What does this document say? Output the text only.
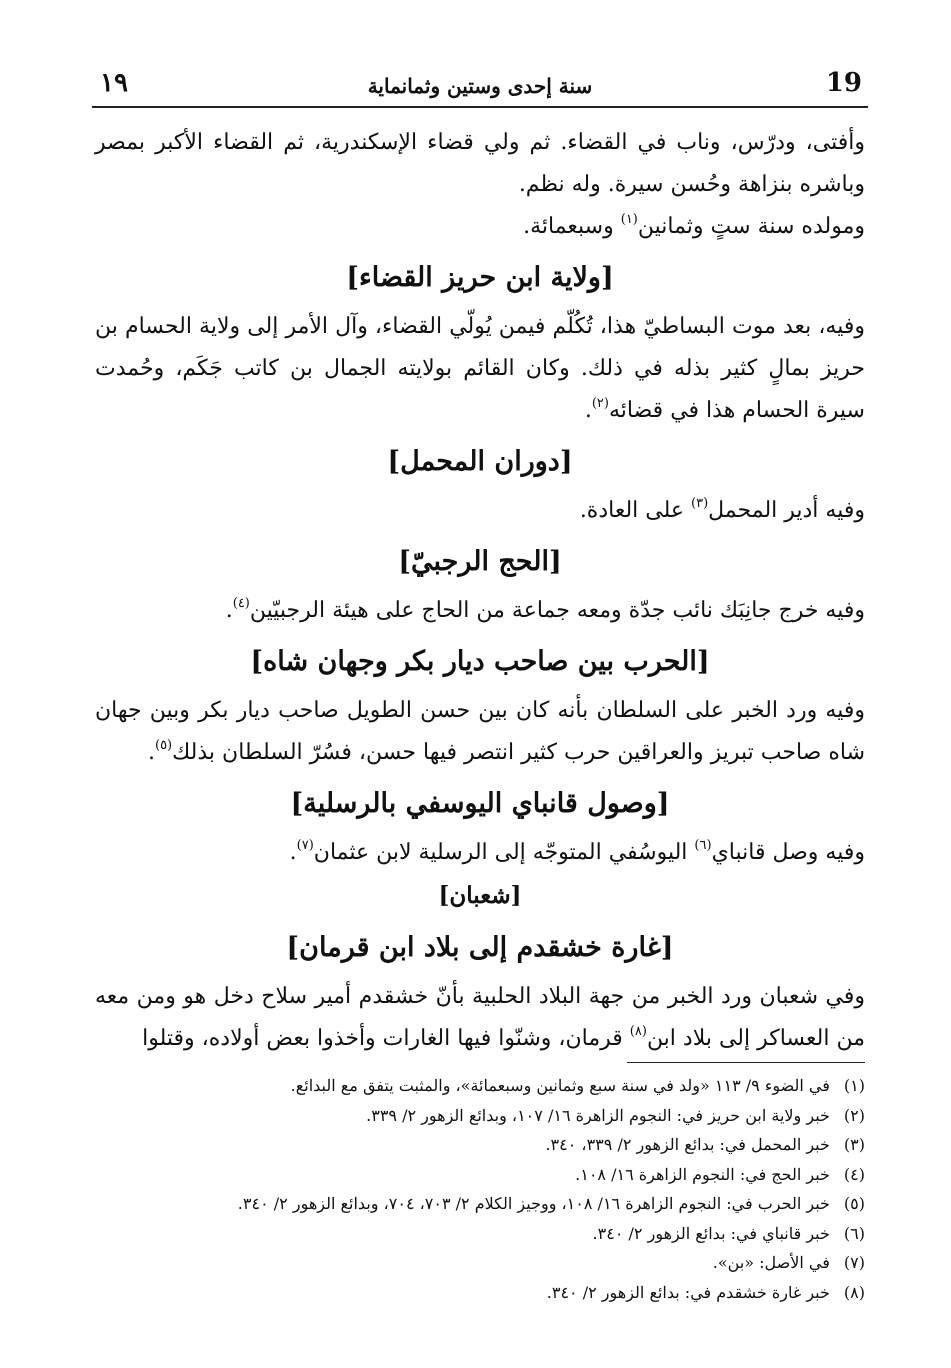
19
سنة إحدى وستين وثمانماية
١٩

وأفتى، ودرّس، وناب في القضاء. ثم ولي قضاء الإسكندرية، ثم القضاء الأكبر بمصر وباشره بنزاهة وحُسن سيرة. وله نظم.

ومولده سنة ستٍ وثمانين$^{(١)}$ وسبعمائة.

[ولاية ابن حريز القضاء]

وفيه، بعد موت البساطيّ هذا، تُكُلّم فيمن يُولّي القضاء، وآل الأمر إلى ولاية الحسام بن حريز بمالٍ كثير بذله في ذلك. وكان القائم بولايته الجمال بن كاتب جَكَم، وحُمدت سيرة الحسام هذا في قضائه$^{(٢)}$.

[دوران المحمل]

وفيه أدير المحمل$^{(٣)}$ على العادة.

[الحج الرجبيّ]

وفيه خرج جانِبَك نائب جدّة ومعه جماعة من الحاج على هيئة الرجبيّين$^{(٤)}$.

[الحرب بين صاحب ديار بكر وجهان شاه]

وفيه ورد الخبر على السلطان بأنه كان بين حسن الطويل صاحب ديار بكر وبين جهان شاه صاحب تبريز والعراقين حرب كثير انتصر فيها حسن، فسُرّ السلطان بذلك$^{(٥)}$.

[وصول قانباي اليوسفي بالرسلية]

وفيه وصل قانباي$^{(٦)}$ اليوسُفي المتوجّه إلى الرسلية لابن عثمان$^{(٧)}$.

[شعبان]
[غارة خشقدم إلى بلاد ابن قرمان]

وفي شعبان ورد الخبر من جهة البلاد الحلبية بأنّ خشقدم أمير سلاح دخل هو ومن معه من العساكر إلى بلاد ابن$^{(٨)}$ قرمان، وشنّوا فيها الغارات وأخذوا بعض أولاده، وقتلوا

(١) في الضوء ٩/ ١١٣ «ولد في سنة سبع وثمانين وسبعمائة»، والمثبت يتفق مع البدائع.

(٢) خبر ولاية ابن حريز في: النجوم الزاهرة ١٦/ ١٠٧، وبدائع الزهور ٢/ ٣٣٩.

(٣) خبر المحمل في: بدائع الزهور ٢/ ٣٣٩، ٣٤٠.

(٤) خبر الحج في: النجوم الزاهرة ١٦/ ١٠٨.

(٥) خبر الحرب في: النجوم الزاهرة ١٦/ ١٠٨، ووجيز الكلام ٢/ ٧٠٣، ٧٠٤، وبدائع الزهور ٢/ ٣٤٠.

(٦) خبر قانباي في: بدائع الزهور ٢/ ٣٤٠.

(٧) في الأصل: «بن».

(٨) خبر غارة خشقدم في: بدائع الزهور ٢/ ٣٤٠.
